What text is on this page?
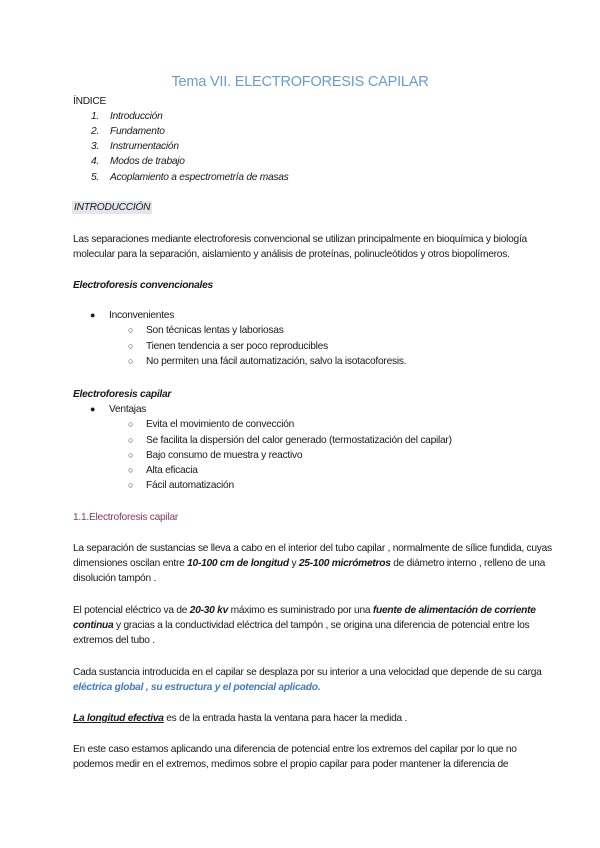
Tema VII. ELECTROFORESIS CAPILAR
ÍNDICE
1. Introducción
2. Fundamento
3. Instrumentación
4. Modos de trabajo
5. Acoplamiento a espectrometría de masas
INTRODUCCIÓN
Las separaciones mediante electroforesis convencional se utilizan principalmente en bioquímica y biología
molecular para la separación, aislamiento y análisis de proteínas, polinucleótidos y otros biopolímeros.
Electroforesis convencionales
● Inconvenientes
○ Son técnicas lentas y laboriosas
○ Tienen tendencia a ser poco reproducibles
○ No permiten una fácil automatización, salvo la isotacoforesis.
Electroforesis capilar
● Ventajas
○ Evita el movimiento de convección
○ Se facilita la dispersión del calor generado (termostatización del capilar)
○ Bajo consumo de muestra y reactivo
○ Alta eficacia
○ Fácil automatización
1.1.Electroforesis capilar
La separación de sustancias se lleva a cabo en el interior del tubo capilar , normalmente de sílice fundida, cuyas
dimensiones oscilan entre 10-100 cm de longitud y 25-100 micrómetros de diámetro interno , relleno de una
disolución tampón .
El potencial eléctrico va de 20-30 kv máximo es suministrado por una fuente de alimentación de corriente
continua y gracias a la conductividad eléctrica del tampón , se origina una diferencia de potencial entre los
extremos del tubo .
Cada sustancia introducida en el capilar se desplaza por su interior a una velocidad que depende de su carga
eléctrica global , su estructura y el potencial aplicado.
La longitud efectiva es de la entrada hasta la ventana para hacer la medida .
En este caso estamos aplicando una diferencia de potencial entre los extremos del capilar por lo que no
podemos medir en el extremos, medimos sobre el propio capilar para poder mantener la diferencia de
